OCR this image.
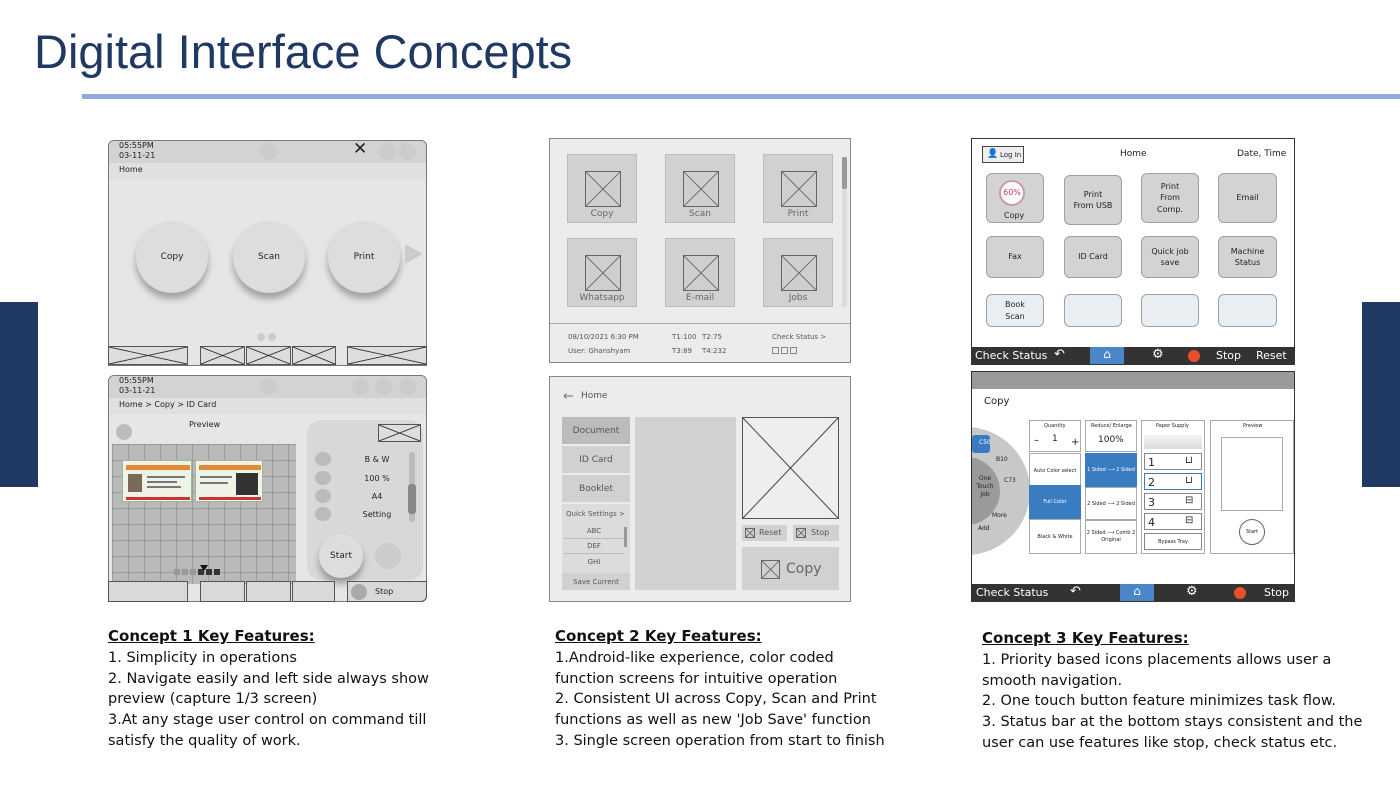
Digital Interface Concepts
05:55PM
03-11-21
Home
✕
Copy	Scan	Print
05:55PM
03-11-21
Home > Copy > ID Card
Preview
B & W
100 %
A4
Setting
Start
Stop
Copy	Scan	Print
Whatsapp	E-mail	Jobs
08/10/2021 6:30 PM
User: Ghanshyam
T1:100 T2:75
T3:89 T4:232
Check Status >
← Home
Document
ID Card
Booklet
Quick Settings >
ABC
DEF
GHI
Save Current
Reset	Stop
Copy
👤 Log In	Home	Date, Time
60%
Copy
Print From USB
Print From Comp.
Email
Fax	ID Card
Quick job save
Machine Status
Book Scan
Check Status ↶	⌂	⚙	Stop Reset
Copy
C50
B10
One Touch Job
C73
More
Add
Quantity
– 1 +
Auto Color select
Full Color
Black & White
Reduce/ Enlarge
100%
1 Sided ⟶ 2 Sided
2 Sided ⟶ 2 Sided
2 Sided ⟶ Comb 2 Original
Paper Supply
1	⊔
2	⊔
3	⊟
4	⊟
Bypass Tray
Preview
Start
Check Status ↶	⌂	⚙	Stop
Concept 1 Key Features:
1. Simplicity in operations
2. Navigate easily and left side always show
preview (capture 1/3 screen)
3.At any stage user control on command till
satisfy the quality of work.
Concept 2 Key Features:
1.Android-like experience, color coded
function screens for intuitive operation
2. Consistent UI across Copy, Scan and Print
functions as well as new 'Job Save' function
3. Single screen operation from start to finish
Concept 3 Key Features:
1. Priority based icons placements allows user a
smooth navigation.
2. One touch button feature minimizes task flow.
3. Status bar at the bottom stays consistent and the
user can use features like stop, check status etc.
